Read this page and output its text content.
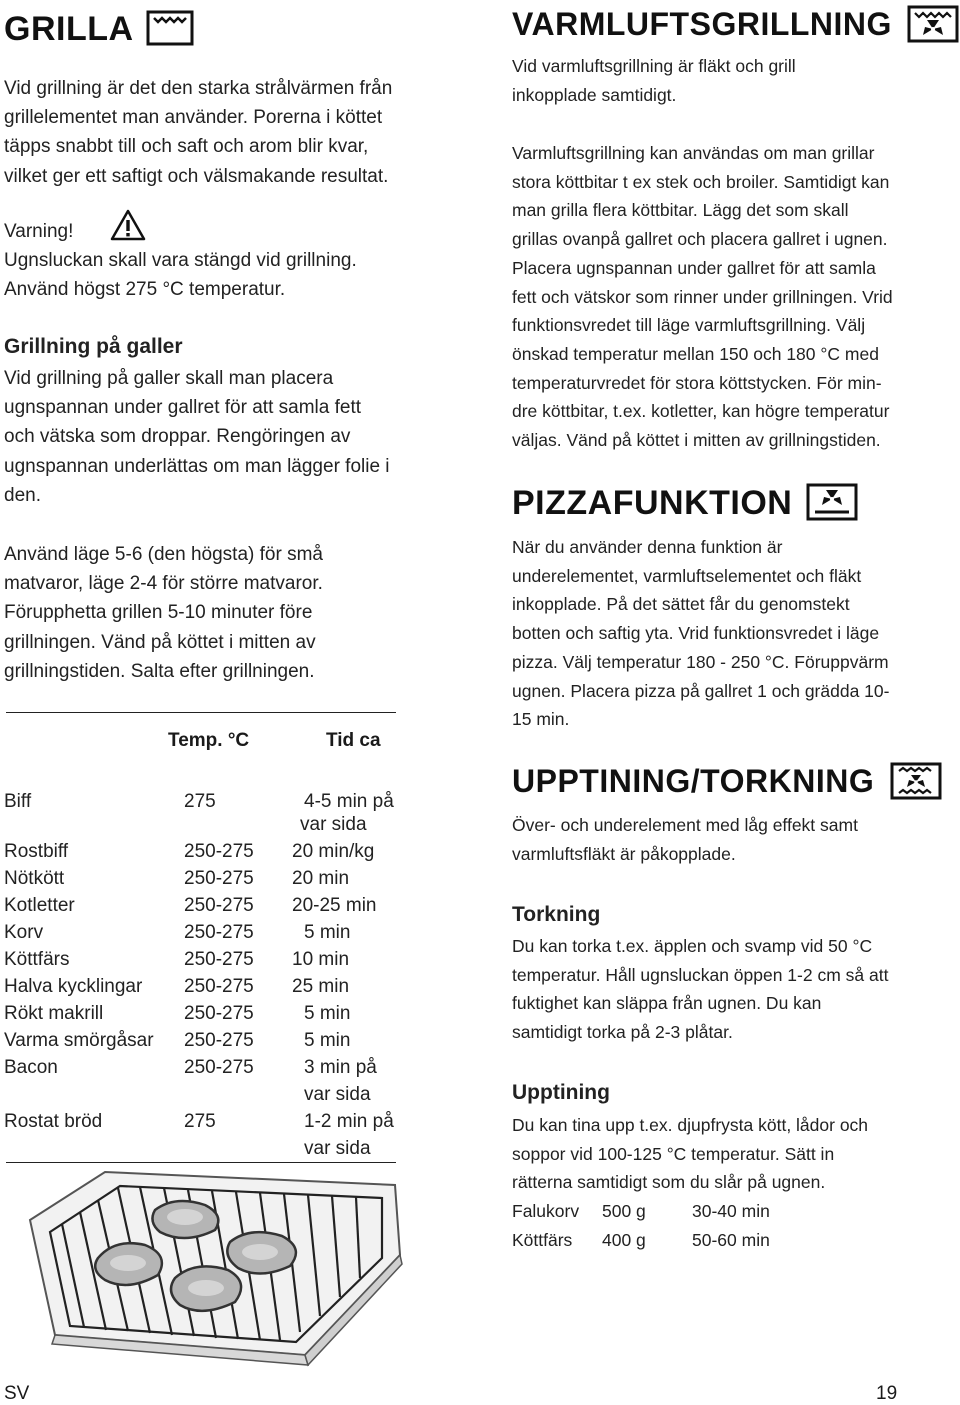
GRILLA
Vid grillning är det den starka strålvärmen från
grillelementet man använder. Porerna i köttet
täpps snabbt till och saft och arom blir kvar,
vilket ger ett saftigt och välsmakande resultat.
Varning!
Ugnsluckan skall vara stängd vid grillning.
Använd högst 275 °C temperatur.
Grillning på galler
Vid grillning på galler skall man placera
ugnspannan under gallret för att samla fett
och vätska som droppar. Rengöringen av
ugnspannan underlättas om man lägger folie i
den.
Använd läge 5-6 (den högsta) för små
matvaror, läge 2-4 för större matvaror.
Förupphetta grillen 5-10 minuter före
grillningen. Vänd på köttet i mitten av
grillningstiden. Salta efter grillningen.
Temp. °C	Tid ca
Biff	275	4-5 min på
var sida
Rostbiff	250-275 20 min/kg
Nötkött	250-275 20 min
Kotletter	250-275 20-25 min
Korv	250-275	5 min
Köttfärs	250-275 10 min
Halva kycklingar 250-275 25 min
Rökt makrill	250-275	5 min
Varma smörgåsar 250-275	5 min
Bacon	250-275	3 min på
var sida
Rostat bröd	275	1-2 min på
var sida
VARMLUFTSGRILLNING
Vid varmluftsgrillning är fläkt och grill
inkopplade samtidigt.
Varmluftsgrillning kan användas om man grillar
stora köttbitar t ex stek och broiler. Samtidigt kan
man grilla flera köttbitar. Lägg det som skall
grillas ovanpå gallret och placera gallret i ugnen.
Placera ugnspannan under gallret för att samla
fett och vätskor som rinner under grillningen. Vrid
funktionsvredet till läge varmluftsgrillning. Välj
önskad temperatur mellan 150 och 180 °C med
temperaturvredet för stora köttstycken. För min-
dre köttbitar, t.ex. kotletter, kan högre temperatur
väljas. Vänd på köttet i mitten av grillningstiden.
PIZZAFUNKTION
När du använder denna funktion är
underelementet, varmluftselementet och fläkt
inkopplade. På det sättet får du genomstekt
botten och saftig yta. Vrid funktionsvredet i läge
pizza. Välj temperatur 180 - 250 °C. Föruppvärm
ugnen. Placera pizza på gallret 1 och grädda 10-
15 min.
UPPTINING/TORKNING
Över- och underelement med låg effekt samt
varmluftsfläkt är påkopplade.
Torkning
Du kan torka t.ex. äpplen och svamp vid 50 °C
temperatur. Håll ugnsluckan öppen 1-2 cm så att
fuktighet kan släppa från ugnen. Du kan
samtidigt torka på 2-3 plåtar.
Upptining
Du kan tina upp t.ex. djupfrysta kött, lådor och
soppor vid 100-125 °C temperatur. Sätt in
rätterna samtidigt som du slår på ugnen.
Falukorv 500 g	30-40 min
Köttfärs 400 g	50-60 min
SV	19
